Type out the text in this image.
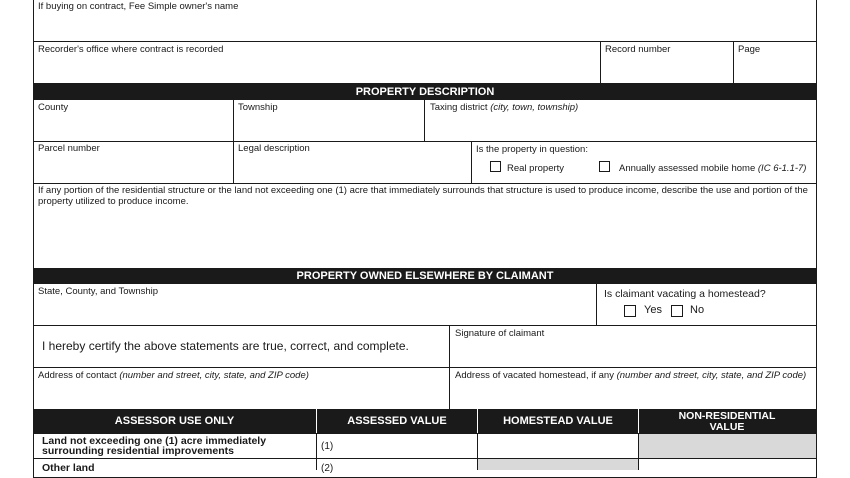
If buying on contract, Fee Simple owner's name
Recorder's office where contract is recorded	Record number	Page
PROPERTY DESCRIPTION
County	Township	Taxing district (city, town, township)
Parcel number	Legal description	Is the property in question:
Real property	Annually assessed mobile home (IC 6-1.1-7)
If any portion of the residential structure or the land not exceeding one (1) acre that immediately surrounds that structure is used to produce income, describe the use and portion of the property utilized to produce income.
PROPERTY OWNED ELSEWHERE BY CLAIMANT
State, County, and Township	Is claimant vacating a homestead?
Yes	No
I hereby certify the above statements are true, correct, and complete.
Signature of claimant
Address of contact (number and street, city, state, and ZIP code)	Address of vacated homestead, if any (number and street, city, state, and ZIP code)
ASSESSOR USE ONLY	ASSESSED VALUE	HOMESTEAD VALUE	NON-RESIDENTIAL VALUE
Land not exceeding one (1) acre immediately surrounding residential improvements	(1)
Other land	(2)
